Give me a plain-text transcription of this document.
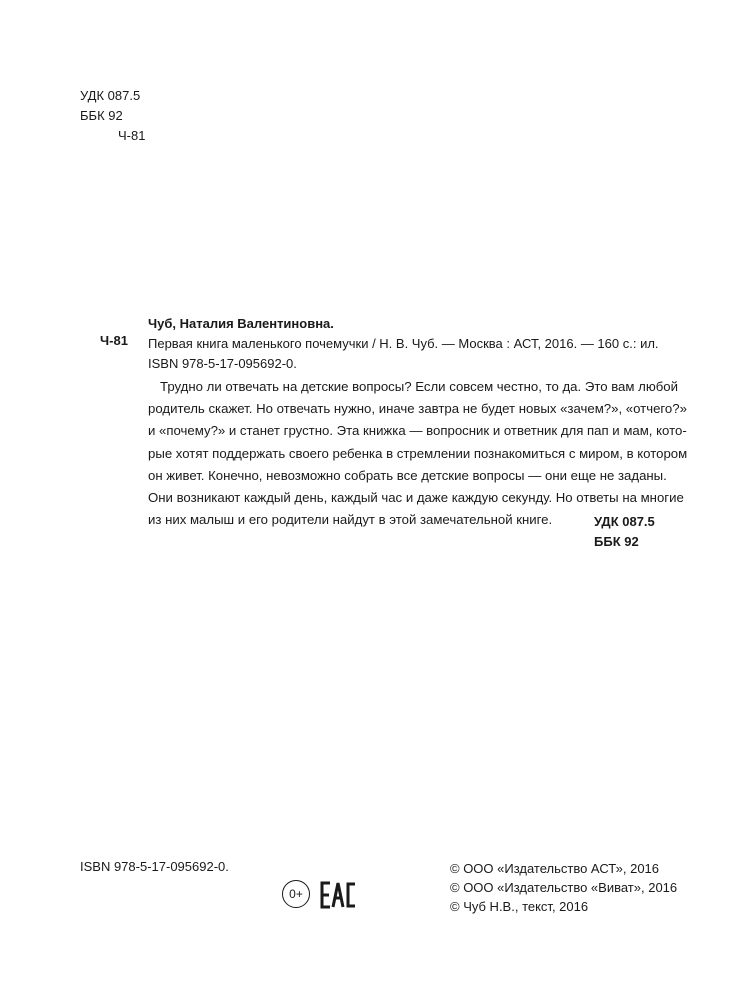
УДК 087.5
ББК 92
Ч-81
Ч-81
Чуб, Наталия Валентиновна.
Первая книга маленького почемучки / Н. В. Чуб. — Москва : АСТ, 2016. — 160 с.: ил.
ISBN 978-5-17-095692-0.
Трудно ли отвечать на детские вопросы? Если совсем честно, то да. Это вам любой
родитель скажет. Но отвечать нужно, иначе завтра не будет новых «зачем?», «отчего?»
и «почему?» и станет грустно. Эта книжка — вопросник и ответник для пап и мам, кото-
рые хотят поддержать своего ребенка в стремлении познакомиться с миром, в котором
он живет. Конечно, невозможно собрать все детские вопросы — они еще не заданы.
Они возникают каждый день, каждый час и даже каждую секунду. Но ответы на многие
из них малыш и его родители найдут в этой замечательной книге.	УДК 087.5
ББК 92
ISBN 978-5-17-095692-0.
0+
© ООО «Издательство АСТ», 2016
© ООО «Издательство «Виват», 2016
© Чуб Н.В., текст, 2016
